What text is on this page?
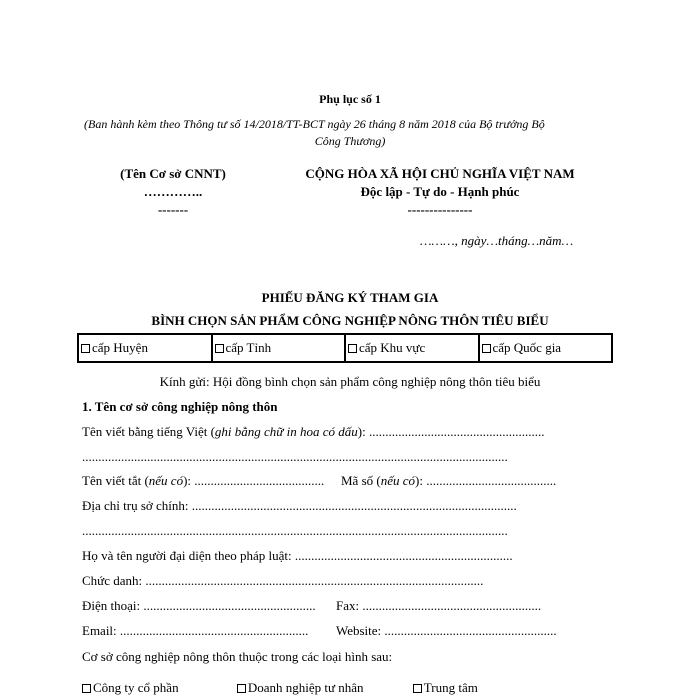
Phụ lục số 1
(Ban hành kèm theo Thông tư số 14/2018/TT-BCT ngày 26 tháng 8 năm 2018 của Bộ trưởng Bộ
Công Thương)
(Tên Cơ sở CNNT)
…………..
-------
CỘNG HÒA XÃ HỘI CHỦ NGHĨA VIỆT NAM
Độc lập - Tự do - Hạnh phúc
---------------
………, ngày…tháng…năm…
PHIẾU ĐĂNG KÝ THAM GIA
BÌNH CHỌN SẢN PHẨM CÔNG NGHIỆP NÔNG THÔN TIÊU BIỂU
cấp Huyện	cấp Tỉnh	cấp Khu vực	cấp Quốc gia
Kính gửi: Hội đồng bình chọn sản phẩm công nghiệp nông thôn tiêu biểu
1. Tên cơ sở công nghiệp nông thôn
Tên viết bằng tiếng Việt (ghi bằng chữ in hoa có dấu): ......................................................
...................................................................................................................................
Tên viết tắt (nếu có): ........................................ Mã số (nếu có): ........................................
Địa chỉ trụ sở chính: ....................................................................................................
...................................................................................................................................
Họ và tên người đại diện theo pháp luật: ...................................................................
Chức danh: ........................................................................................................
Điện thoại: ..................................................... Fax: .......................................................
Email: .......................................................... Website: .....................................................
Cơ sở công nghiệp nông thôn thuộc trong các loại hình sau:
Công ty cổ phần
	Doanh nghiệp tư nhân
	Trung tâm
